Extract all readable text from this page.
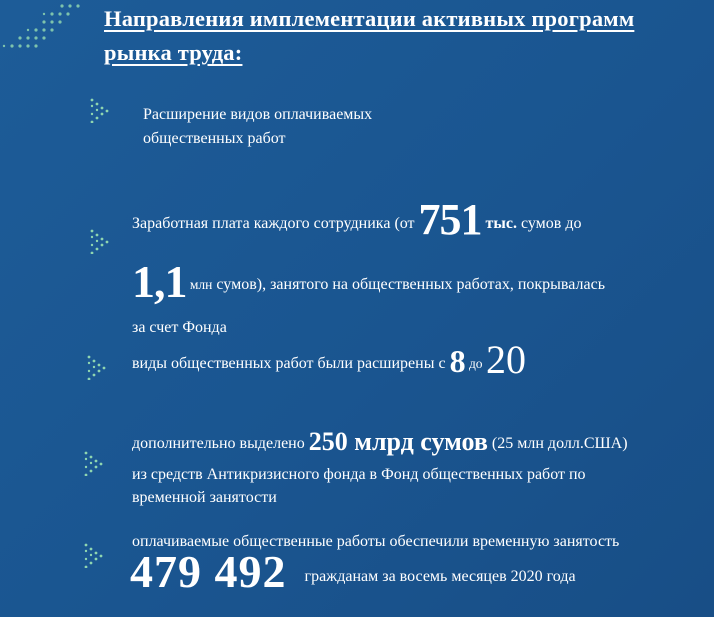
Направления имплементации активных программ рынка труда:
Расширение видов оплачиваемых
общественных работ
Заработная плата каждого сотрудника (от 751 тыс. сумов до
1,1 млн сумов), занятого на общественных работах, покрывалась
за счет Фонда
виды общественных работ были расширены с 8 до 20
дополнительно выделено 250 млрд сумов (25 млн долл.США)
из средств Антикризисного фонда в Фонд общественных работ по
временной занятости
оплачиваемые общественные работы обеспечили временную занятость
479 492 гражданам за восемь месяцев 2020 года
